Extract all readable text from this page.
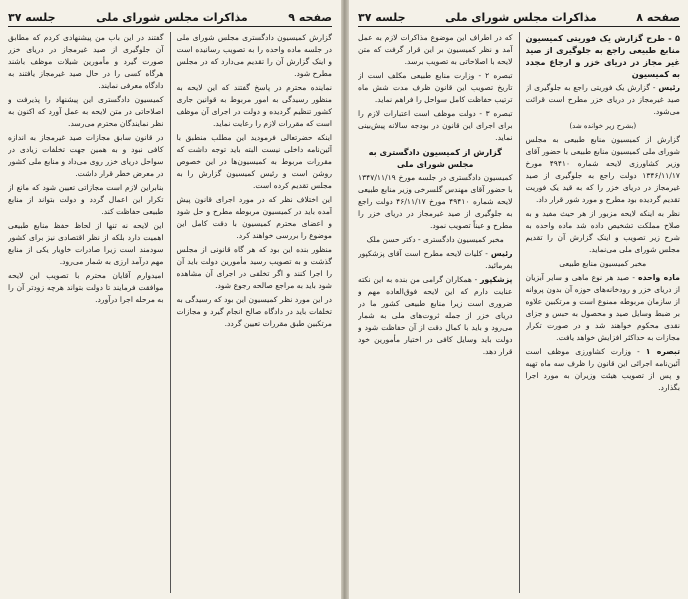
صفحه ۹
مذاکرات مجلس شورای ملی
جلسه ۳۷

گزارش کمیسیون دادگستری مجلس شورای ملی در جلسه ماده واحده را به تصویب رسانیده است و اینک گزارش آن را تقدیم می‌دارد که در مجلس مطرح شود.

نماینده محترم در پاسخ گفتند که این لایحه به منظور رسیدگی به امور مربوط به قوانین جاری کشور تنظیم گردیده و دولت در اجرای آن موظف است که مقررات لازم را رعایت نماید.

اینکه حضرتعالی فرمودید این مطلب منطبق با آئین‌نامه داخلی نیست البته باید توجه داشت که مقررات مربوط به کمیسیون‌ها در این خصوص روشن است و رئیس کمیسیون گزارش را به مجلس تقدیم کرده است.

این اختلاف نظر که در مورد اجرای قانون پیش آمده باید در کمیسیون مربوطه مطرح و حل شود و اعضای محترم کمیسیون با دقت کامل این موضوع را بررسی خواهند کرد.

منظور بنده این بود که هر گاه قانونی از مجلس گذشت و به تصویب رسید مأمورین دولت باید آن را اجرا کنند و اگر تخلفی در اجرای آن مشاهده شود باید به مراجع صالحه رجوع شود.

در این مورد نظر کمیسیون این بود که رسیدگی به تخلفات باید در دادگاه صالح انجام گیرد و مجازات مرتکبین طبق مقررات تعیین گردد.

گفتند در این باب من پیشنهادی کردم که مطابق آن جلوگیری از صید غیرمجاز در دریای خزر صورت گیرد و مأمورین شیلات موظف باشند هرگاه کسی را در حال صید غیرمجاز یافتند به دادگاه معرفی نمایند.

کمیسیون دادگستری این پیشنهاد را پذیرفت و اصلاحاتی در متن لایحه به عمل آورد که اکنون به نظر نمایندگان محترم می‌رسد.

در قانون سابق مجازات صید غیرمجاز به اندازه کافی نبود و به همین جهت تخلفات زیادی در سواحل دریای خزر روی می‌داد و منابع ملی کشور در معرض خطر قرار داشت.

بنابراین لازم است مجازاتی تعیین شود که مانع از تکرار این اعمال گردد و دولت بتواند از منابع طبیعی حفاظت کند.

این لایحه نه تنها از لحاظ حفظ منابع طبیعی اهمیت دارد بلکه از نظر اقتصادی نیز برای کشور سودمند است زیرا صادرات خاویار یکی از منابع مهم درآمد ارزی به شمار می‌رود.

امیدوارم آقایان محترم با تصویب این لایحه موافقت فرمایند تا دولت بتواند هرچه زودتر آن را به مرحله اجرا درآورد.

صفحه ۸
مذاکرات مجلس شورای ملی
جلسه ۳۷

۵ - طرح گزارش یک فوریتی کمیسیون منابع طبیعی راجع به جلوگیری از صید غیر مجاز در دریای خزر و ارجاع مجدد به کمیسیون

رئیس - گزارش یک فوریتی راجع به جلوگیری از صید غیرمجاز در دریای خزر مطرح است قرائت می‌شود.

(بشرح زیر خوانده شد)

گزارش از کمیسیون منابع طبیعی به مجلس شورای ملی کمیسیون منابع طبیعی با حضور آقای وزیر کشاورزی لایحه شماره ۴۹۴۱۰ مورخ ۱۳۴۶/۱۱/۱۷ دولت راجع به جلوگیری از صید غیرمجاز در دریای خزر را که به قید یک فوریت تقدیم گردیده بود مطرح و مورد شور قرار داد.

نظر به اینکه لایحه مزبور از هر حیث مفید و به صلاح مملکت تشخیص داده شد ماده واحده به شرح زیر تصویب و اینک گزارش آن را تقدیم مجلس شورای ملی می‌نماید.

مخبر کمیسیون منابع طبیعی

ماده واحده - صید هر نوع ماهی و سایر آبزیان از دریای خزر و رودخانه‌های حوزه آن بدون پروانه از سازمان مربوطه ممنوع است و مرتکبین علاوه بر ضبط وسایل صید و محصول به حبس و جزای نقدی محکوم خواهند شد و در صورت تکرار مجازات به حداکثر افزایش خواهد یافت.

تبصره ۱ - وزارت کشاورزی موظف است آئین‌نامه اجرائی این قانون را ظرف سه ماه تهیه و پس از تصویب هیئت وزیران به مورد اجرا بگذارد.

که در اطراف این موضوع مذاکرات لازم به عمل آمد و نظر کمیسیون بر این قرار گرفت که متن لایحه با اصلاحاتی به تصویب برسد.

تبصره ۲ - وزارت منابع طبیعی مکلف است از تاریخ تصویب این قانون ظرف مدت شش ماه ترتیب حفاظت کامل سواحل را فراهم نماید.

تبصره ۳ - دولت موظف است اعتبارات لازم را برای اجرای این قانون در بودجه سالانه پیش‌بینی نماید.

گزارش از کمیسیون دادگستری به مجلس شورای ملی

کمیسیون دادگستری در جلسه مورخ ۱۳۴۷/۱۱/۱۹ با حضور آقای مهندس گلسرخی وزیر منابع طبیعی لایحه شماره ۴۹۴۱۰ مورخ ۴۶/۱۱/۱۷ دولت راجع به جلوگیری از صید غیرمجاز در دریای خزر را مطرح و عیناً تصویب نمود.

مخبر کمیسیون دادگستری - دکتر حسن ملک

رئیس - کلیات لایحه مطرح است آقای پزشکپور بفرمائید.

پزشکپور - همکاران گرامی من بنده به این نکته عنایت دارم که این لایحه فوق‌العاده مهم و ضروری است زیرا منابع طبیعی کشور ما در دریای خزر از جمله ثروت‌های ملی به شمار می‌رود و باید با کمال دقت از آن حفاظت شود و دولت باید وسایل کافی در اختیار مأمورین خود قرار دهد.
